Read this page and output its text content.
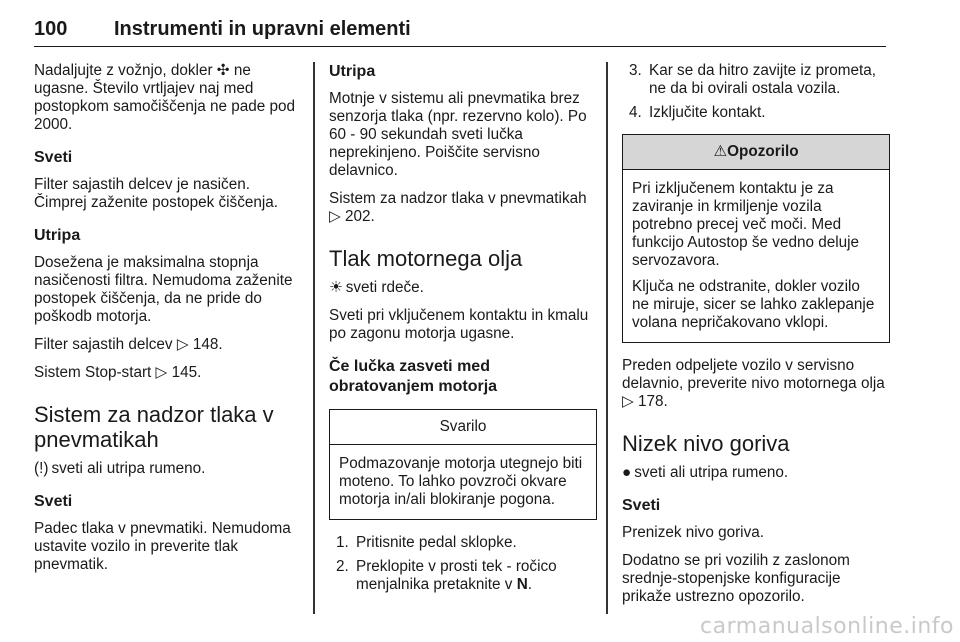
100	Instrumenti in upravni elementi

Nadaljujte z vožnjo, dokler ✣ ne ugasne. Število vrtljajev naj med postopkom samočiščenja ne pade pod 2000.

Sveti

Filter sajastih delcev je nasičen. Čimprej zaženite postopek čiščenja.

Utripa

Dosežena je maksimalna stopnja nasičenosti filtra. Nemudoma zaženite postopek čiščenja, da ne pride do poškodb motorja.

Filter sajastih delcev ▷ 148.

Sistem Stop-start ▷ 145.

Sistem za nadzor tlaka v pnevmatikah

(!) sveti ali utripa rumeno.

Sveti

Padec tlaka v pnevmatiki. Nemudoma ustavite vozilo in preverite tlak pnevmatik.

Utripa

Motnje v sistemu ali pnevmatika brez senzorja tlaka (npr. rezervno kolo). Po 60 - 90 sekundah sveti lučka neprekinjeno. Poiščite servisno delavnico.

Sistem za nadzor tlaka v pnevmatikah ▷ 202.

Tlak motornega olja

☀ sveti rdeče.

Sveti pri vključenem kontaktu in kmalu po zagonu motorja ugasne.

Če lučka zasveti med obratovanjem motorja
Svarilo

Podmazovanje motorja utegnejo biti moteno. To lahko povzroči okvare motorja in/ali blokiranje pogona.

1. Pritisnite pedal sklopke.
2. Preklopite v prosti tek - ročico menjalnika pretaknite v N.
3. Kar se da hitro zavijte iz prometa, ne da bi ovirali ostala vozila.
4. Izključite kontakt.
⚠Opozorilo

Pri izključenem kontaktu je za zaviranje in krmiljenje vozila potrebno precej več moči. Med funkcijo Autostop še vedno deluje servozavora.

Ključa ne odstranite, dokler vozilo ne miruje, sicer se lahko zaklepanje volana nepričakovano vklopi.

Preden odpeljete vozilo v servisno delavnio, preverite nivo motornega olja ▷ 178.

Nizek nivo goriva

● sveti ali utripa rumeno.

Sveti

Prenizek nivo goriva.

Dodatno se pri vozilih z zaslonom srednje-stopenjske konfiguracije prikaže ustrezno opozorilo.

carmanualsonline.info
